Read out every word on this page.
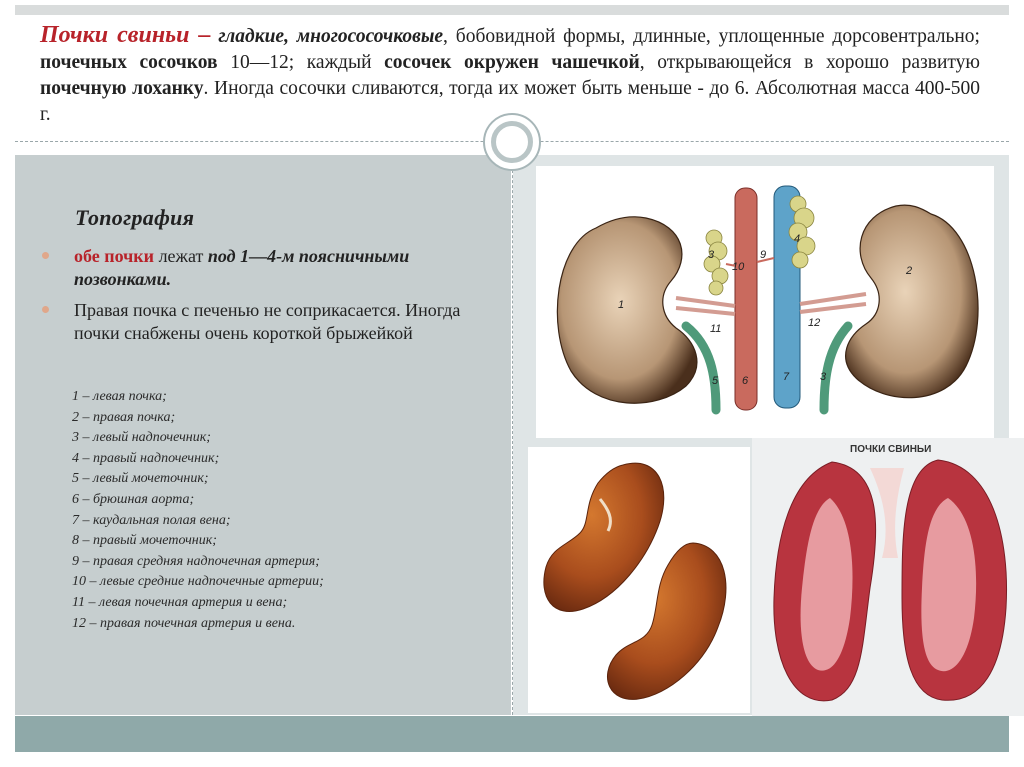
Почки свиньи – гладкие, многососочковые, бобовидной формы, длинные, уплощенные дорсовентрально; почечных сосочков 10—12; каждый сосочек окружен чашечкой, открывающейся в хорошо развитую почечную лоханку. Иногда сосочки сливаются, тогда их может быть меньше - до 6. Абсолютная масса 400-500 г.
Топография
обе почки лежат под 1—4-м поясничными позвонками.
Правая почка с печенью не соприкасается. Иногда почки снабжены очень короткой брыжейкой
1 – левая почка;
2 – правая почка;
3 – левый надпочечник;
4 – правый надпочечник;
5 – левый мочеточник;
6 – брюшная аорта;
7 – каудальная полая вена;
8 – правый мочеточник;
9 – правая средняя надпочечная артерия;
10 – левые средние надпочечные артерии;
11 – левая почечная артерия и вена;
12 – правая почечная артерия и вена.
1
2
3
4
5 6	7	3
9
10
11	12
ПОЧКИ СВИНЬИ
